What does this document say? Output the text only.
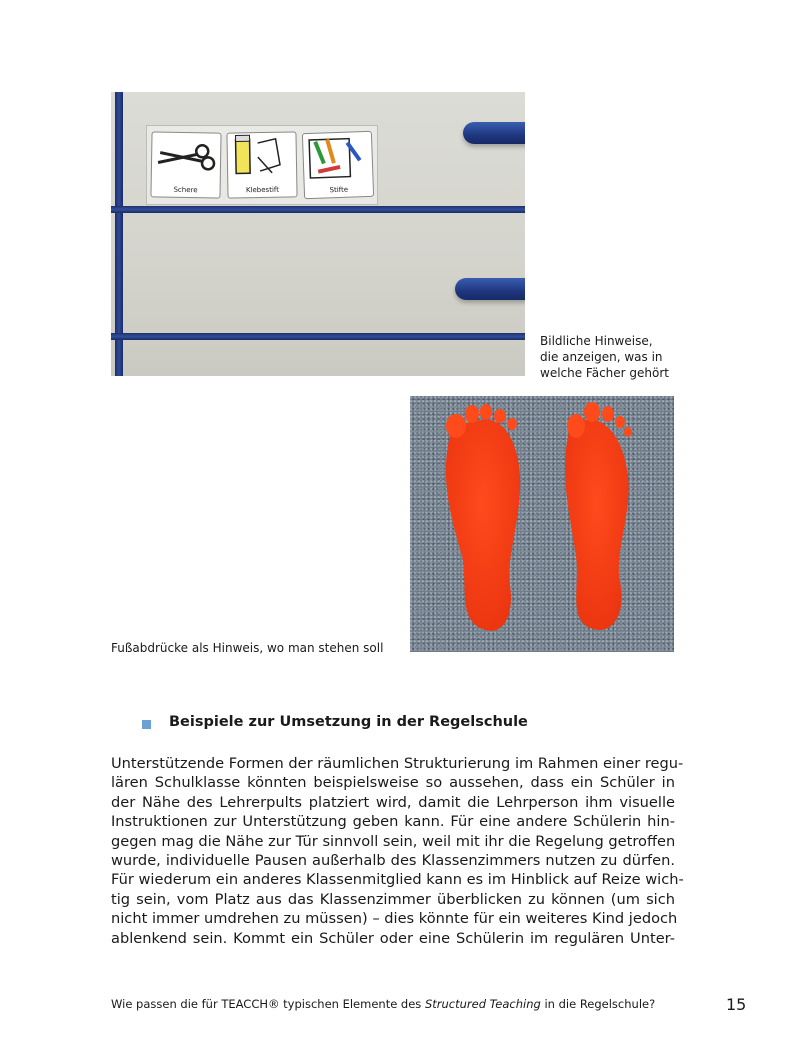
Schere	Klebestift	Stifte
Bildliche Hinweise,
die anzeigen, was in
welche Fächer gehört
Fußabdrücke als Hinweis, wo man stehen soll
Beispiele zur Umsetzung in der Regelschule
Unterstützende Formen der räumlichen Strukturierung im Rahmen einer regu-
lären Schulklasse könnten beispielsweise so aussehen, dass ein Schüler in
der Nähe des Lehrerpults platziert wird, damit die Lehrperson ihm visuelle
Instruktionen zur Unterstützung geben kann. Für eine andere Schülerin hin-
gegen mag die Nähe zur Tür sinnvoll sein, weil mit ihr die Regelung getroffen
wurde, individuelle Pausen außerhalb des Klassenzimmers nutzen zu dürfen.
Für wiederum ein anderes Klassenmitglied kann es im Hinblick auf Reize wich-
tig sein, vom Platz aus das Klassenzimmer überblicken zu können (um sich
nicht immer umdrehen zu müssen) – dies könnte für ein weiteres Kind jedoch
ablenkend sein. Kommt ein Schüler oder eine Schülerin im regulären Unter-
Wie passen die für TEACCH® typischen Elemente des Structured Teaching in die Regelschule?	15
